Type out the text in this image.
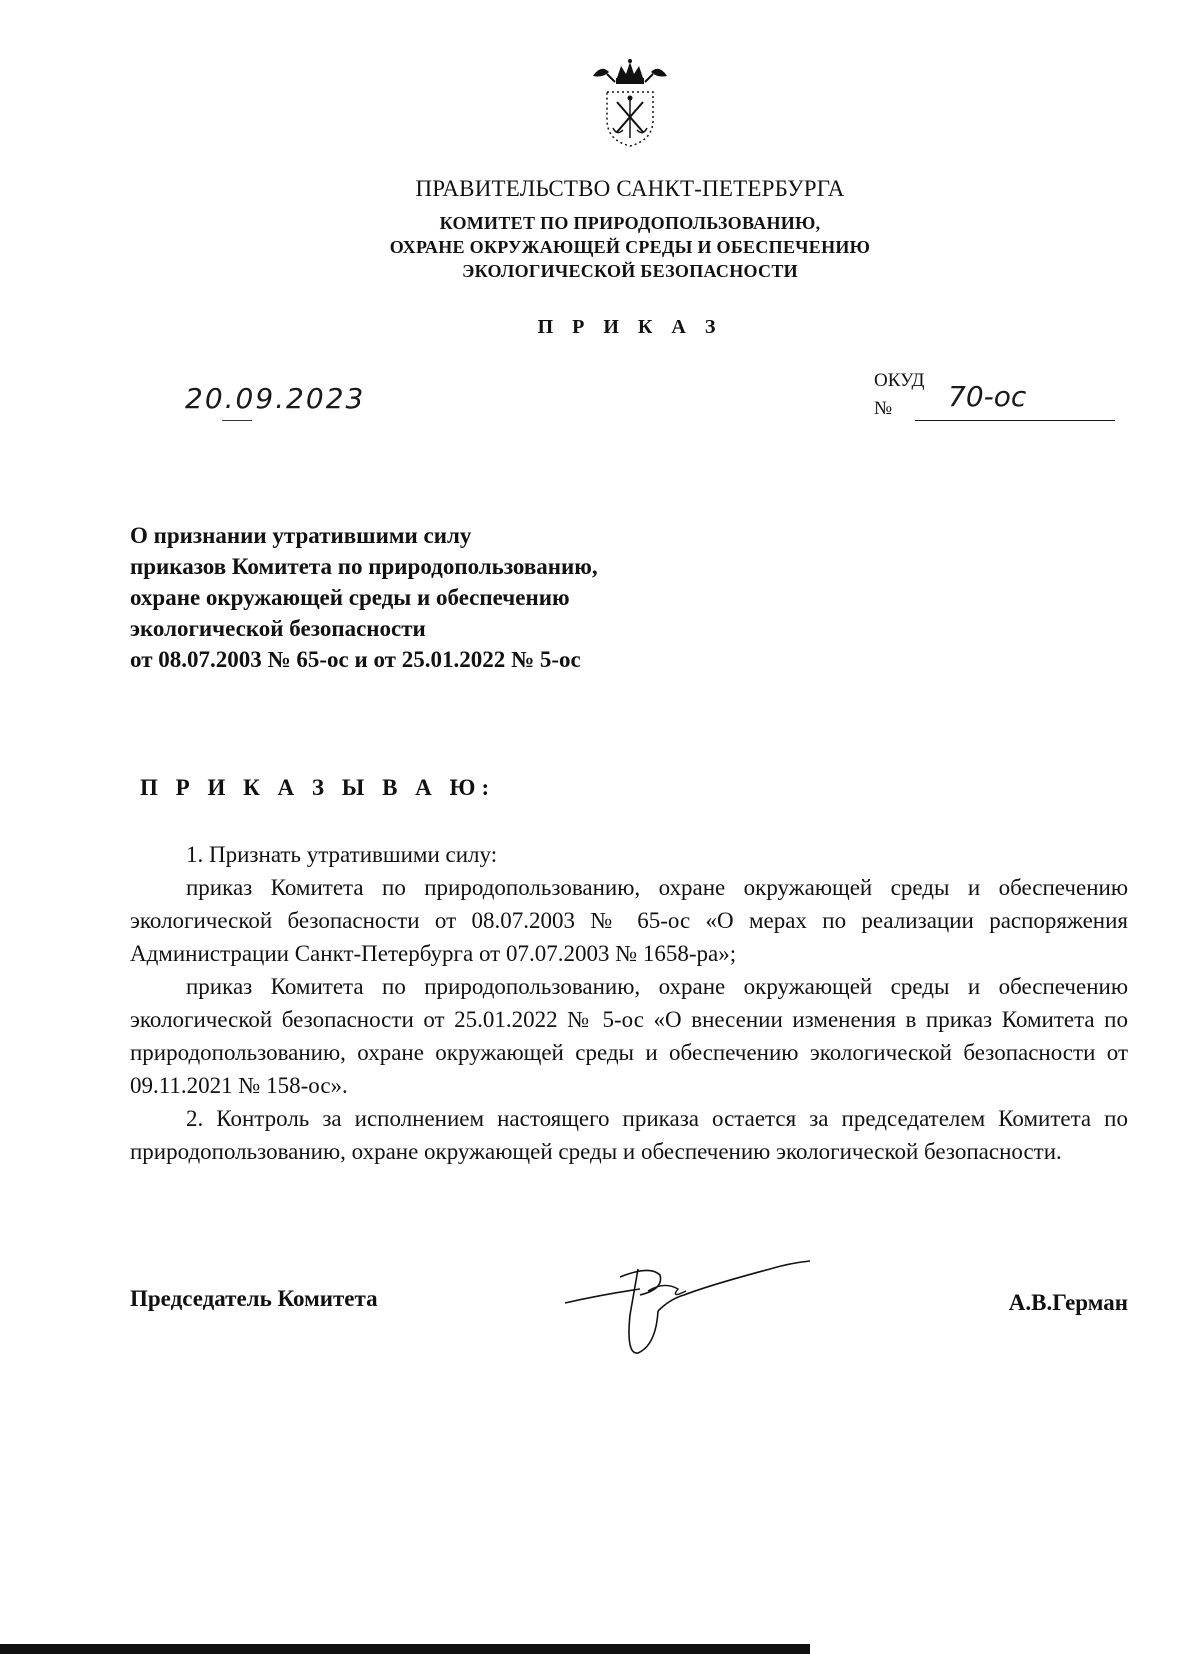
ПРАВИТЕЛЬСТВО САНКТ-ПЕТЕРБУРГА
КОМИТЕТ ПО ПРИРОДОПОЛЬЗОВАНИЮ,
ОХРАНЕ ОКРУЖАЮЩЕЙ СРЕДЫ И ОБЕСПЕЧЕНИЮ
ЭКОЛОГИЧЕСКОЙ БЕЗОПАСНОСТИ
П Р И К А З
20.09.2023
ОКУД
№ 70-ос
О признании утратившими силу
приказов Комитета по природопользованию,
охране окружающей среды и обеспечению
экологической безопасности
от 08.07.2003 № 65-ос и от 25.01.2022 № 5-ос
П Р И К А З Ы В А Ю:

1. Признать утратившими силу:

приказ Комитета по природопользованию, охране окружающей среды и обеспечению экологической безопасности от 08.07.2003 № 65-ос «О мерах по реализации распоряжения Администрации Санкт-Петербурга от 07.07.2003 № 1658-ра»;

приказ Комитета по природопользованию, охране окружающей среды и обеспечению экологической безопасности от 25.01.2022 № 5-ос «О внесении изменения в приказ Комитета по природопользованию, охране окружающей среды и обеспечению экологической безопасности от 09.11.2021 № 158-ос».

2. Контроль за исполнением настоящего приказа остается за председателем Комитета по природопользованию, охране окружающей среды и обеспечению экологической безопасности.

Председатель Комитета	А.В.Герман
